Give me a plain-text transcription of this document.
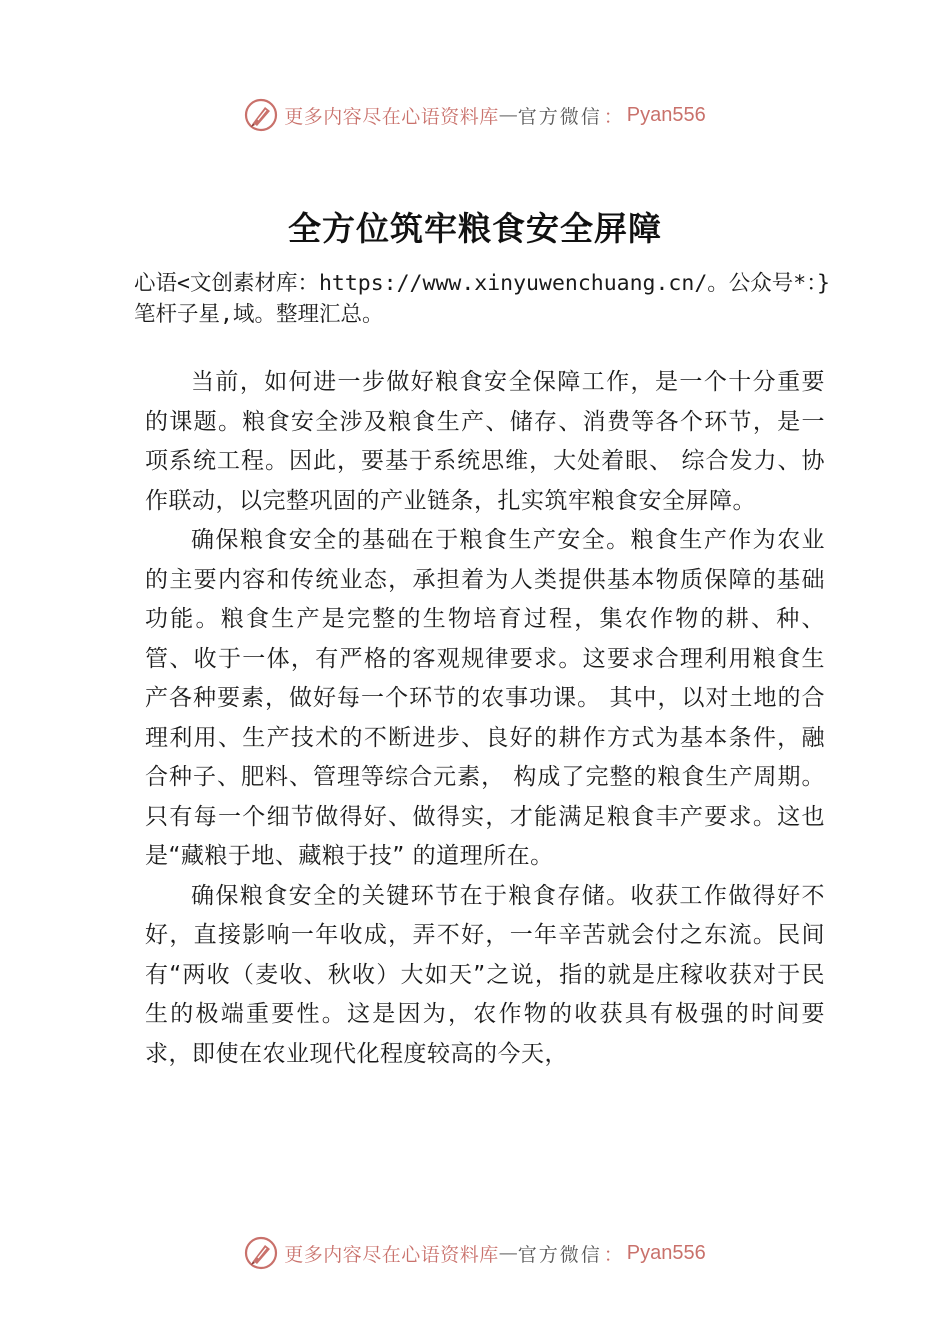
更多内容尽在心语资料库 — 官方微信 ： Pyan556
全方位筑牢粮食安全屏障
心语<文创素材库：https://www.xinyuwenchuang.cn/。公众号*：}笔杆子星,域。整理汇总。

当前，如何进一步做好粮食安全保障工作，是一个十分重要的课题。粮食安全涉及粮食生产、储存、消费等各个环节，是一项系统工程。因此，要基于系统思维，大处着眼、 综合发力、协作联动，以完整巩固的产业链条，扎实筑牢粮食安全屏障。

确保粮食安全的基础在于粮食生产安全。粮食生产作为农业的主要内容和传统业态，承担着为人类提供基本物质保障的基础功能。粮食生产是完整的生物培育过程，集农作物的耕、种、管、收于一体，有严格的客观规律要求。这要求合理利用粮食生产各种要素，做好每一个环节的农事功课。 其中，以对土地的合理利用、生产技术的不断进步、良好的耕作方式为基本条件，融合种子、肥料、管理等综合元素， 构成了完整的粮食生产周期。只有每一个细节做得好、做得实，才能满足粮食丰产要求。这也是“藏粮于地、藏粮于技” 的道理所在。

确保粮食安全的关键环节在于粮食存储。收获工作做得好不好，直接影响一年收成，弄不好，一年辛苦就会付之东流。民间有“两收（麦收、秋收）大如天”之说，指的就是庄稼收获对于民生的极端重要性。这是因为，农作物的收获具有极强的时间要求，即使在农业现代化程度较高的今天，

更多内容尽在心语资料库 — 官方微信 ： Pyan556
